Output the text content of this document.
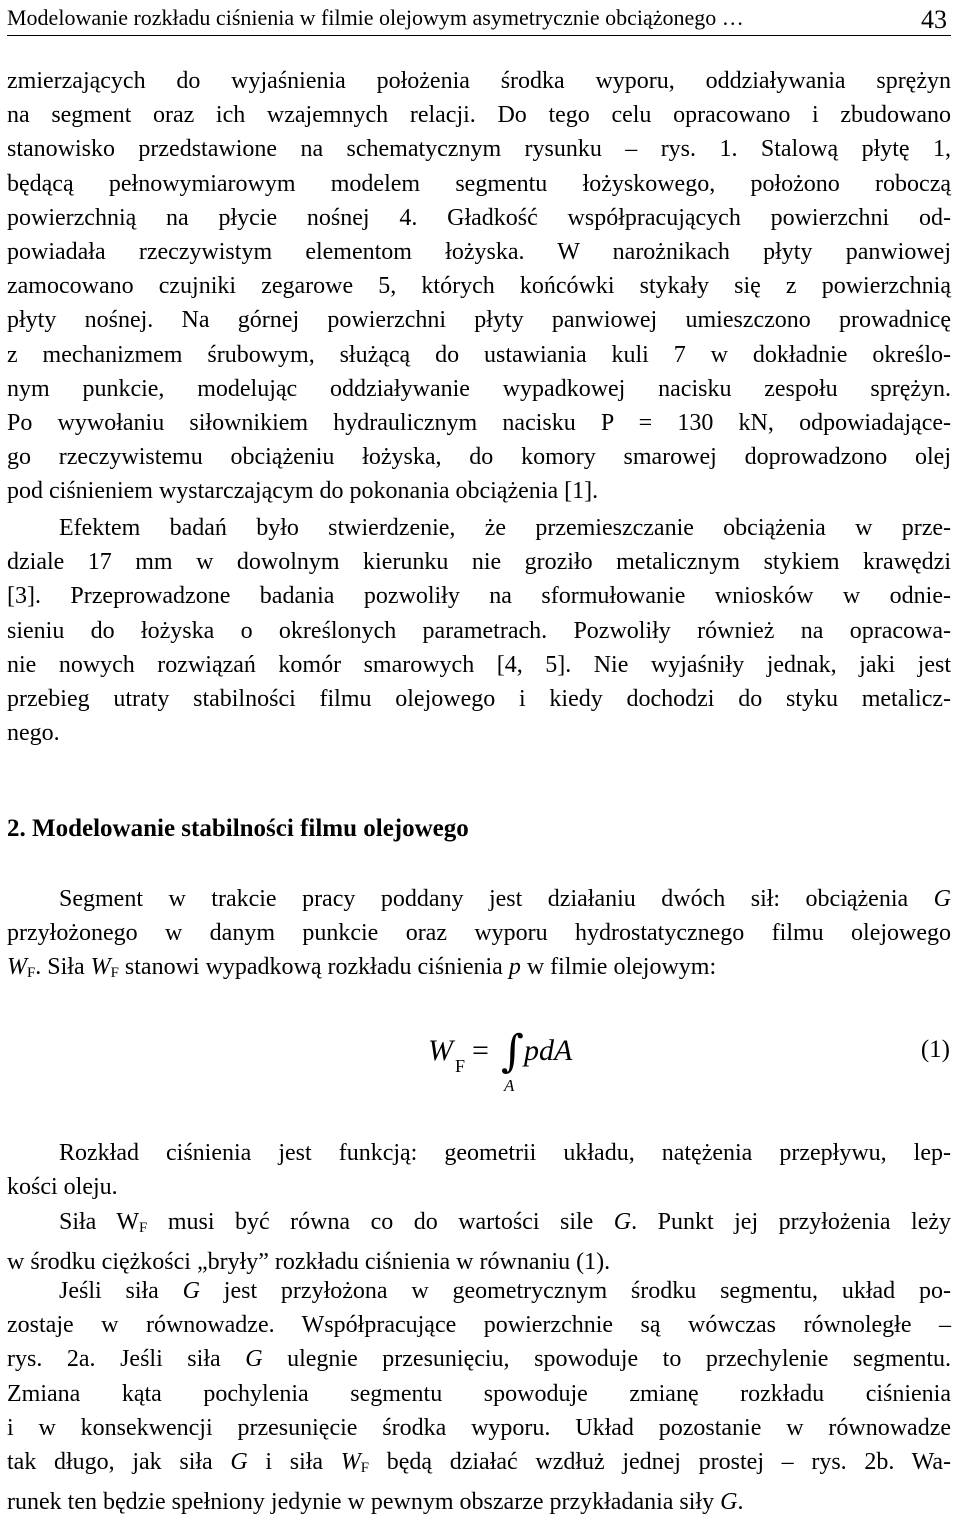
Modelowanie rozkładu ciśnienia w filmie olejowym asymetrycznie obciążonego …	43

zmierzających do wyjaśnienia położenia środka wyporu, oddziaływania sprężyn

na segment oraz ich wzajemnych relacji. Do tego celu opracowano i zbudowano

stanowisko przedstawione na schematycznym rysunku – rys. 1. Stalową płytę 1,

będącą pełnowymiarowym modelem segmentu łożyskowego, położono roboczą

powierzchnią na płycie nośnej 4. Gładkość współpracujących powierzchni od-

powiadała rzeczywistym elementom łożyska. W narożnikach płyty panwiowej

zamocowano czujniki zegarowe 5, których końcówki stykały się z powierzchnią

płyty nośnej. Na górnej powierzchni płyty panwiowej umieszczono prowadnicę

z mechanizmem śrubowym, służącą do ustawiania kuli 7 w dokładnie określo-

nym punkcie, modelując oddziaływanie wypadkowej nacisku zespołu sprężyn.

Po wywołaniu siłownikiem hydraulicznym nacisku P = 130 kN, odpowiadające-

go rzeczywistemu obciążeniu łożyska, do komory smarowej doprowadzono olej

pod ciśnieniem wystarczającym do pokonania obciążenia [1].

Efektem badań było stwierdzenie, że przemieszczanie obciążenia w prze-

dziale 17 mm w dowolnym kierunku nie groziło metalicznym stykiem krawędzi

[3]. Przeprowadzone badania pozwoliły na sformułowanie wniosków w odnie-

sieniu do łożyska o określonych parametrach. Pozwoliły również na opracowa-

nie nowych rozwiązań komór smarowych [4, 5]. Nie wyjaśniły jednak, jaki jest

przebieg utraty stabilności filmu olejowego i kiedy dochodzi do styku metalicz-

nego.

2. Modelowanie stabilności filmu olejowego

Segment w trakcie pracy poddany jest działaniu dwóch sił: obciążenia G

przyłożonego w danym punkcie oraz wyporu hydrostatycznego filmu olejowego

$W_F$. Siła $W_F$ stanowi wypadkową rozkładu ciśnienia p w filmie olejowym:

W F = ∫ pdA
A
(1)

Rozkład ciśnienia jest funkcją: geometrii układu, natężenia przepływu, lep-

kości oleju.

Siła $W_F$ musi być równa co do wartości sile G. Punkt jej przyłożenia leży

w środku ciężkości „bryły” rozkładu ciśnienia w równaniu (1).

Jeśli siła G jest przyłożona w geometrycznym środku segmentu, układ po-

zostaje w równowadze. Współpracujące powierzchnie są wówczas równoległe –

rys. 2a. Jeśli siła G ulegnie przesunięciu, spowoduje to przechylenie segmentu.

Zmiana kąta pochylenia segmentu spowoduje zmianę rozkładu ciśnienia

i w konsekwencji przesunięcie środka wyporu. Układ pozostanie w równowadze

tak długo, jak siła G i siła $W_F$ będą działać wzdłuż jednej prostej – rys. 2b. Wa-

runek ten będzie spełniony jedynie w pewnym obszarze przykładania siły G.
